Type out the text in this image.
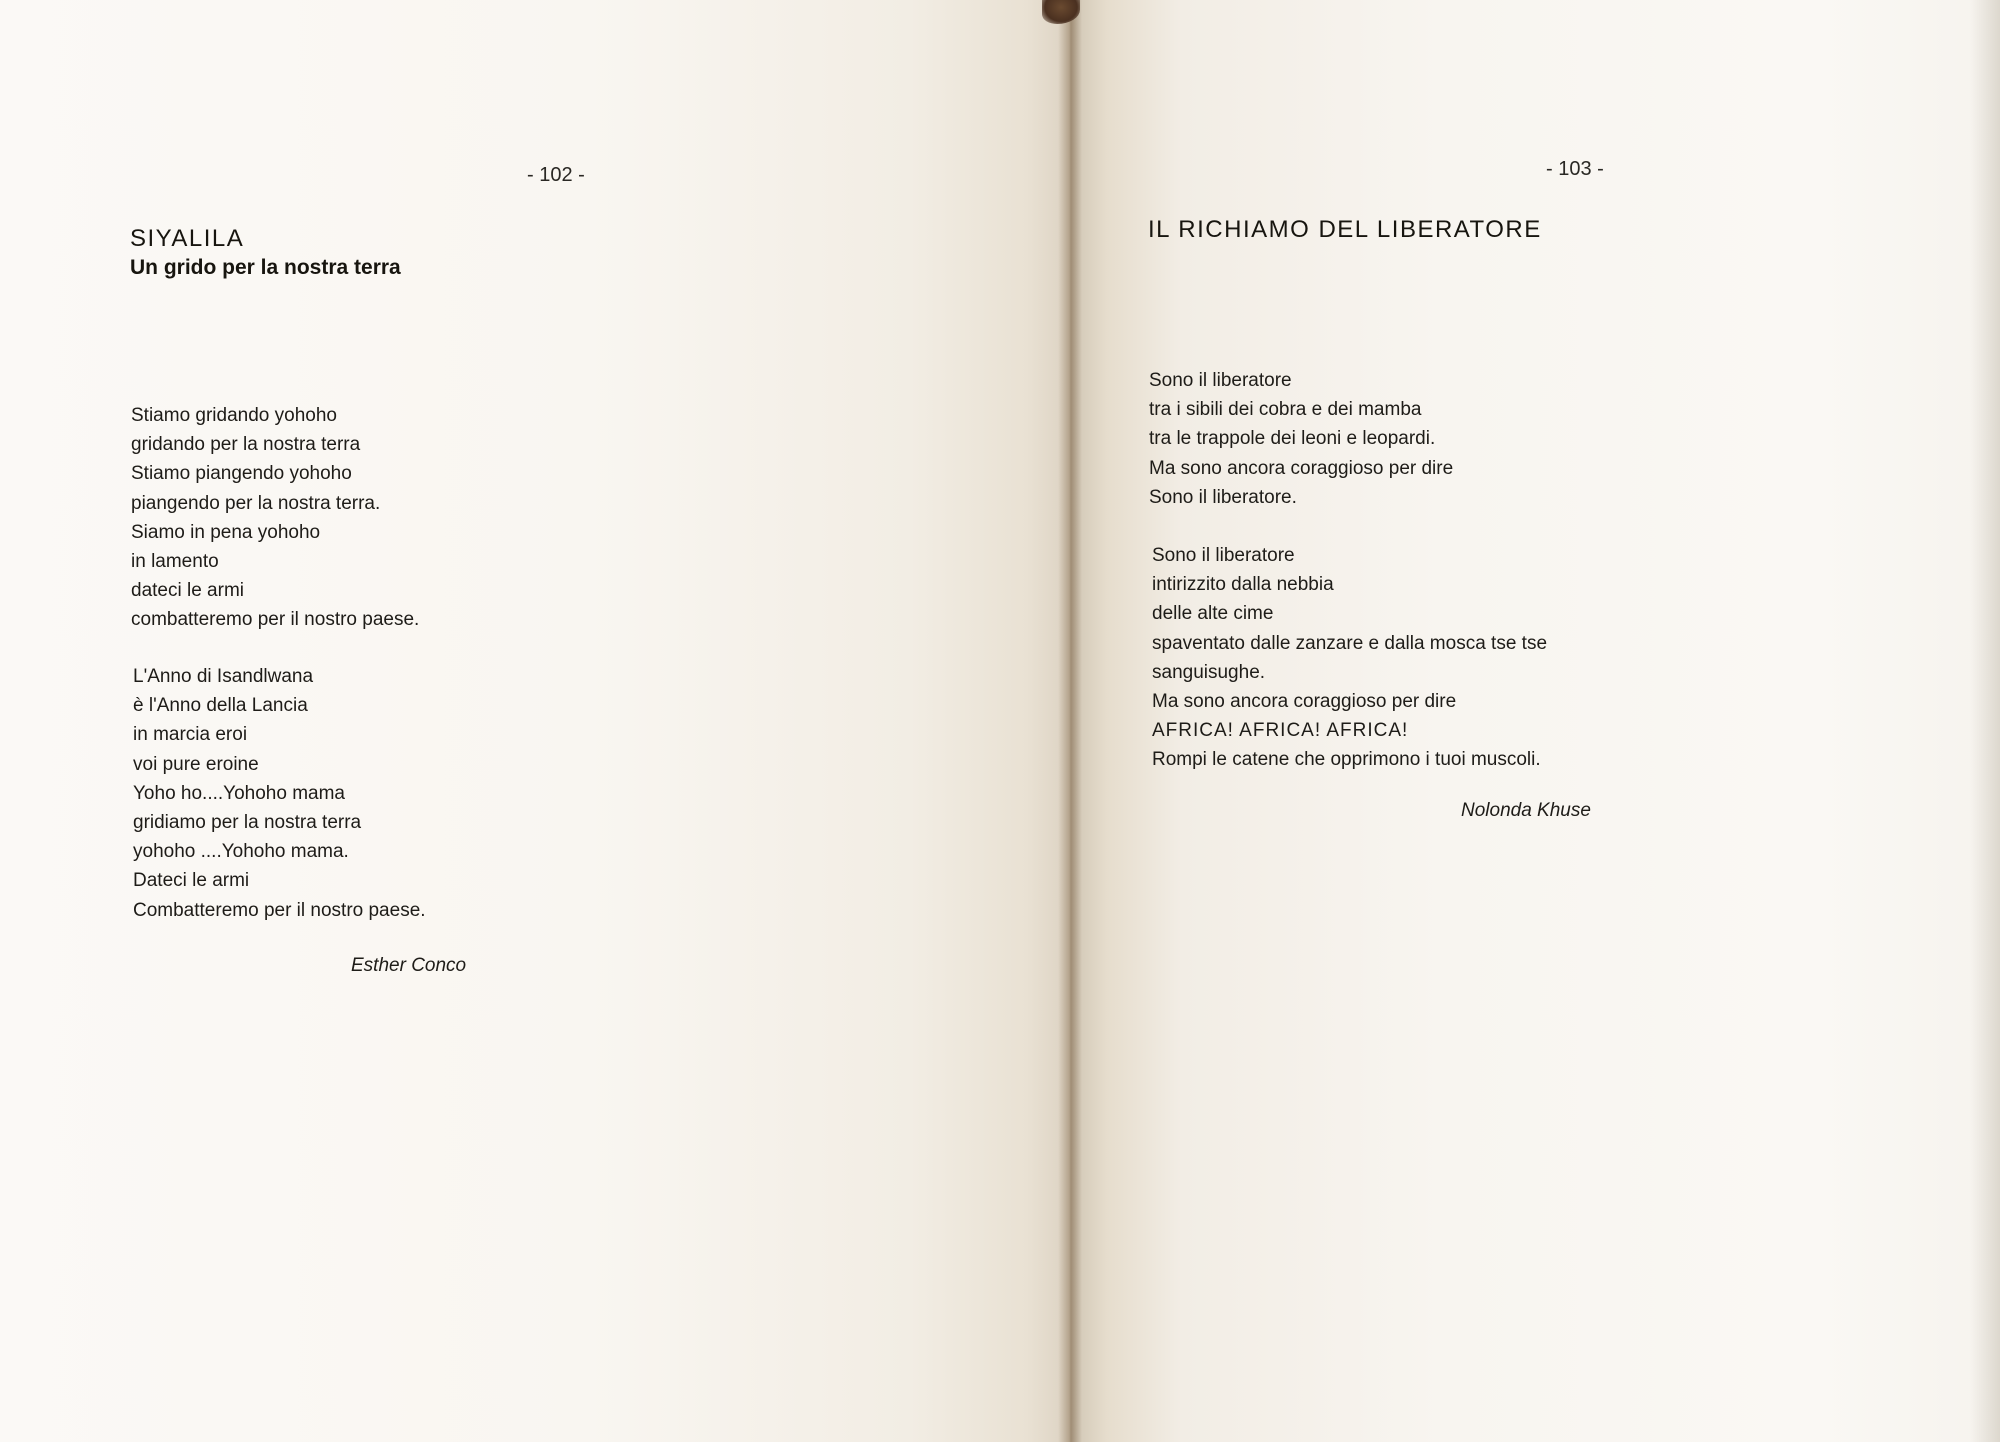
- 102 -
SIYALILA
Un grido per la nostra terra
Stiamo gridando yohoho
gridando per la nostra terra
Stiamo piangendo yohoho
piangendo per la nostra terra.
Siamo in pena yohoho
in lamento
dateci le armi
combatteremo per il nostro paese.
L'Anno di Isandlwana
è l'Anno della Lancia
in marcia eroi
voi pure eroine
Yoho ho....Yohoho mama
gridiamo per la nostra terra
yohoho ....Yohoho mama.
Dateci le armi
Combatteremo per il nostro paese.
Esther Conco
- 103 -
IL RICHIAMO DEL LIBERATORE
Sono il liberatore
tra i sibili dei cobra e dei mamba
tra le trappole dei leoni e leopardi.
Ma sono ancora coraggioso per dire
Sono il liberatore.
Sono il liberatore
intirizzito dalla nebbia
delle alte cime
spaventato dalle zanzare e dalla mosca tse tse
sanguisughe.
Ma sono ancora coraggioso per dire
AFRICA! AFRICA! AFRICA!
Rompi le catene che opprimono i tuoi muscoli.
Nolonda Khuse
